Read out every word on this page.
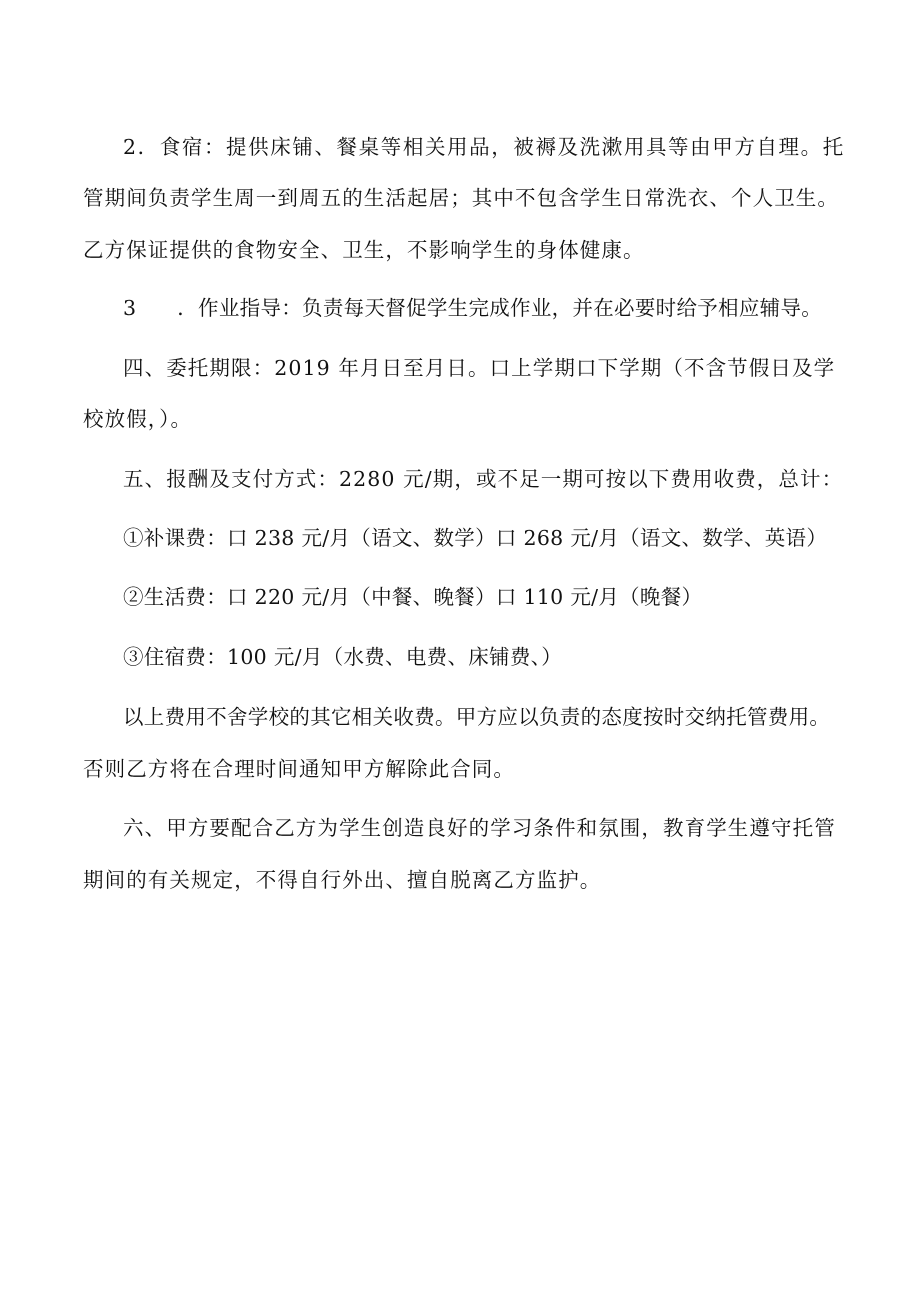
2．食宿：提供床铺、餐桌等相关用品，被褥及洗漱用具等由甲方自理。托
管期间负责学生周一到周五的生活起居；其中不包含学生日常洗衣、个人卫生。
乙方保证提供的食物安全、卫生，不影响学生的身体健康。
3      ．作业指导：负责每天督促学生完成作业，并在必要时给予相应辅导。
四、委托期限：2019 年月日至月日。口上学期口下学期（不含节假日及学
校放假，）。
五、报酬及支付方式：2280 元/期，或不足一期可按以下费用收费，总计：
①补课费：口 238 元/月（语文、数学）口 268 元/月（语文、数学、英语）
②生活费：口 220 元/月（中餐、晚餐）口 110 元/月（晚餐）
③住宿费：100 元/月（水费、电费、床铺费、）
以上费用不舍学校的其它相关收费。甲方应以负责的态度按时交纳托管费用。
否则乙方将在合理时间通知甲方解除此合同。
六、甲方要配合乙方为学生创造良好的学习条件和氛围，教育学生遵守托管
期间的有关规定，不得自行外出、擅自脱离乙方监护。
